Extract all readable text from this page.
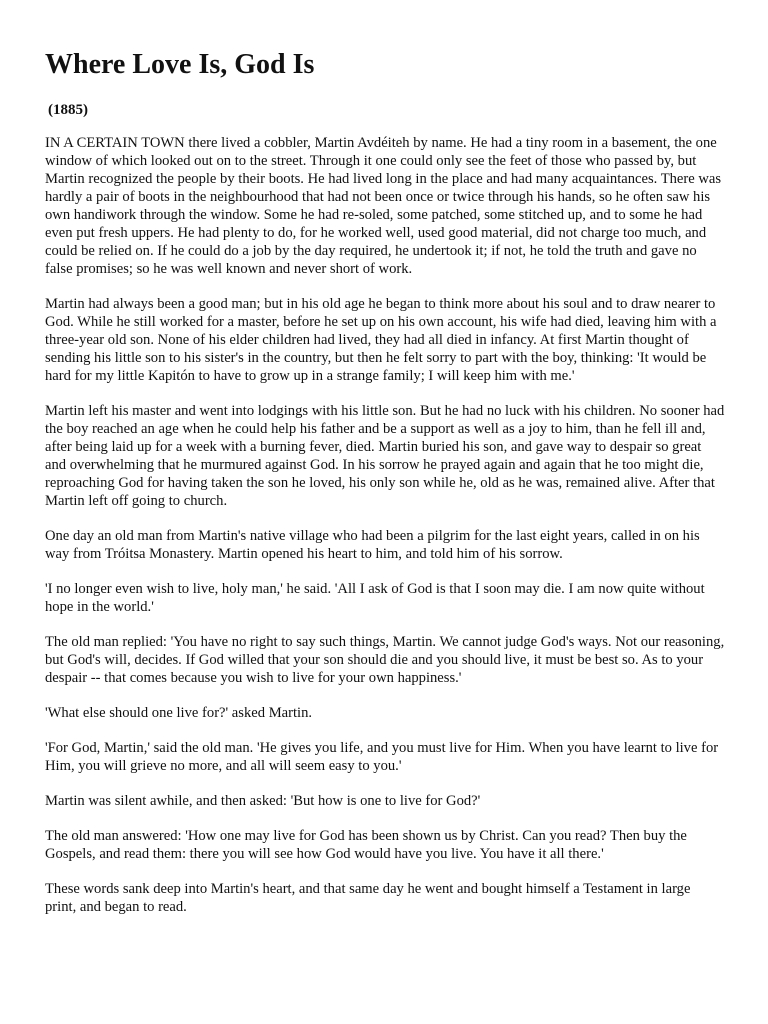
Where Love Is, God Is
(1885)

IN A CERTAIN TOWN there lived a cobbler, Martin Avdéiteh by name. He had a tiny room in a basement, the one window of which looked out on to the street. Through it one could only see the feet of those who passed by, but Martin recognized the people by their boots. He had lived long in the place and had many acquaintances. There was hardly a pair of boots in the neighbourhood that had not been once or twice through his hands, so he often saw his own handiwork through the window. Some he had re-soled, some patched, some stitched up, and to some he had even put fresh uppers. He had plenty to do, for he worked well, used good material, did not charge too much, and could be relied on. If he could do a job by the day required, he undertook it; if not, he told the truth and gave no false promises; so he was well known and never short of work.

Martin had always been a good man; but in his old age he began to think more about his soul and to draw nearer to God. While he still worked for a master, before he set up on his own account, his wife had died, leaving him with a three-year old son. None of his elder children had lived, they had all died in infancy. At first Martin thought of sending his little son to his sister's in the country, but then he felt sorry to part with the boy, thinking: 'It would be hard for my little Kapitón to have to grow up in a strange family; I will keep him with me.'

Martin left his master and went into lodgings with his little son. But he had no luck with his children. No sooner had the boy reached an age when he could help his father and be a support as well as a joy to him, than he fell ill and, after being laid up for a week with a burning fever, died. Martin buried his son, and gave way to despair so great and overwhelming that he murmured against God. In his sorrow he prayed again and again that he too might die, reproaching God for having taken the son he loved, his only son while he, old as he was, remained alive. After that Martin left off going to church.

One day an old man from Martin's native village who had been a pilgrim for the last eight years, called in on his way from Tróitsa Monastery. Martin opened his heart to him, and told him of his sorrow.

'I no longer even wish to live, holy man,' he said. 'All I ask of God is that I soon may die. I am now quite without hope in the world.'

The old man replied: 'You have no right to say such things, Martin. We cannot judge God's ways. Not our reasoning, but God's will, decides. If God willed that your son should die and you should live, it must be best so. As to your despair -- that comes because you wish to live for your own happiness.'

'What else should one live for?' asked Martin.

'For God, Martin,' said the old man. 'He gives you life, and you must live for Him. When you have learnt to live for Him, you will grieve no more, and all will seem easy to you.'

Martin was silent awhile, and then asked: 'But how is one to live for God?'

The old man answered: 'How one may live for God has been shown us by Christ. Can you read? Then buy the Gospels, and read them: there you will see how God would have you live. You have it all there.'

These words sank deep into Martin's heart, and that same day he went and bought himself a Testament in large print, and began to read.
